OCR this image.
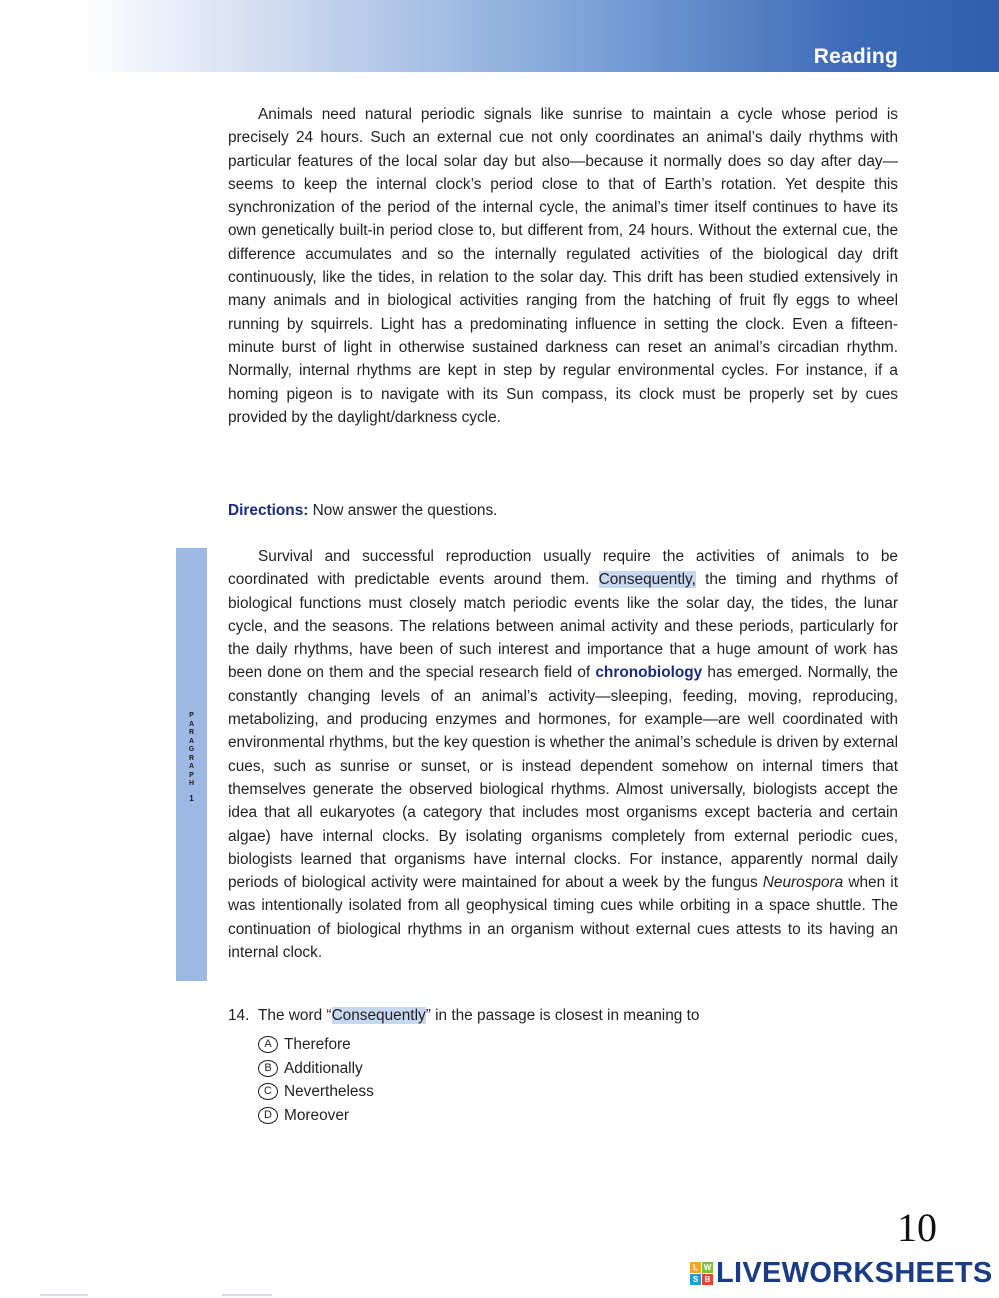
Reading

Animals need natural periodic signals like sunrise to maintain a cycle whose period is precisely 24 hours. Such an external cue not only coordinates an animal’s daily rhythms with particular features of the local solar day but also—because it normally does so day after day—seems to keep the internal clock’s period close to that of Earth’s rotation. Yet despite this synchronization of the period of the internal cycle, the animal’s timer itself continues to have its own genetically built-in period close to, but different from, 24 hours. Without the external cue, the difference accumulates and so the internally regulated activities of the biological day drift continuously, like the tides, in relation to the solar day. This drift has been studied extensively in many animals and in biological activities ranging from the hatching of fruit fly eggs to wheel running by squirrels. Light has a predominating influence in setting the clock. Even a fifteen-minute burst of light in otherwise sustained darkness can reset an animal’s circadian rhythm. Normally, internal rhythms are kept in step by regular environmental cycles. For instance, if a homing pigeon is to navigate with its Sun compass, its clock must be properly set by cues provided by the daylight/darkness cycle.

Directions: Now answer the questions.
P
A
R
A
G
R
A
P
H
1

Survival and successful reproduction usually require the activities of animals to be coordinated with predictable events around them. Consequently, the timing and rhythms of biological functions must closely match periodic events like the solar day, the tides, the lunar cycle, and the seasons. The relations between animal activity and these periods, particularly for the daily rhythms, have been of such interest and importance that a huge amount of work has been done on them and the special research field of chronobiology has emerged. Normally, the constantly changing levels of an animal’s activity—sleeping, feeding, moving, reproducing, metabolizing, and producing enzymes and hormones, for example—are well coordinated with environmental rhythms, but the key question is whether the animal’s schedule is driven by external cues, such as sunrise or sunset, or is instead dependent somehow on internal timers that themselves generate the observed biological rhythms. Almost universally, biologists accept the idea that all eukaryotes (a category that includes most organisms except bacteria and certain algae) have internal clocks. By isolating organisms completely from external periodic cues, biologists learned that organisms have internal clocks. For instance, apparently normal daily periods of biological activity were maintained for about a week by the fungus Neurospora when it was intentionally isolated from all geophysical timing cues while orbiting in a space shuttle. The continuation of biological rhythms in an organism without external cues attests to its having an internal clock.

14. The word “Consequently” in the passage is closest in meaning to
A Therefore
B Additionally
C Nevertheless
D Moreover
10
L W
S B LIVEWORKSHEETS
